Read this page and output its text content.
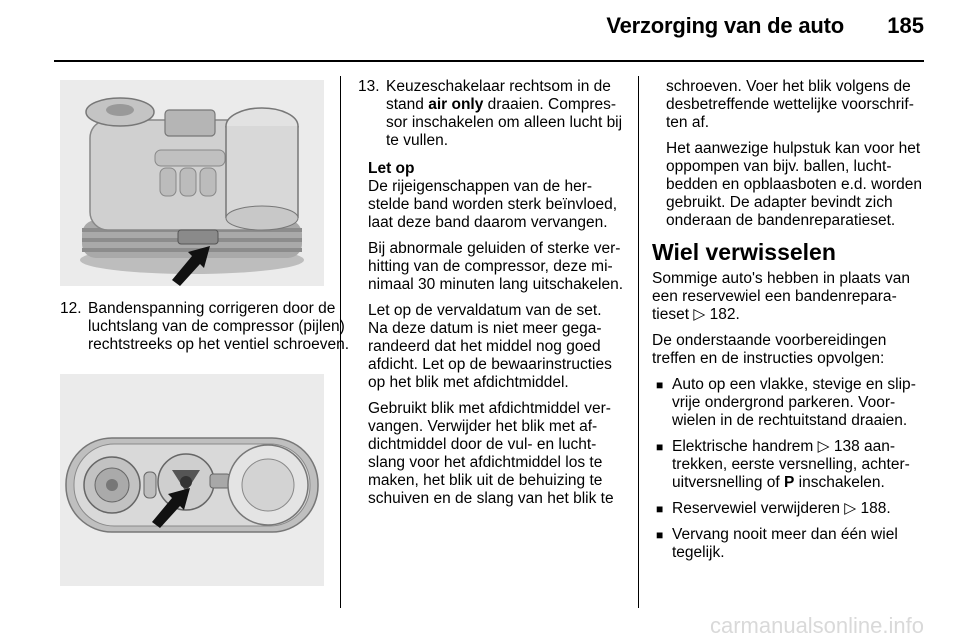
Verzorging van de auto	185
12. Bandenspanning corrigeren door de luchtslang van de compressor (pijlen) rechtstreeks op het ventiel schroeven.
13. Keuzeschakelaar rechtsom in de stand air only draaien. Compressor inschakelen om alleen lucht bij te vullen.
Let op

De rijeigenschappen van de herstelde band worden sterk beïnvloed, laat deze band daarom vervangen.

Bij abnormale geluiden of sterke verhitting van de compressor, deze minimaal 30 minuten lang uitschakelen.

Let op de vervaldatum van de set. Na deze datum is niet meer gegarandeerd dat het middel nog goed afdicht. Let op de bewaarinstructies op het blik met afdichtmiddel.

Gebruikt blik met afdichtmiddel vervangen. Verwijder het blik met afdichtmiddel door de vul- en luchtslang voor het afdichtmiddel los te maken, het blik uit de behuizing te schuiven en de slang van het blik te

schroeven. Voer het blik volgens de desbetreffende wettelijke voorschriften af.

Het aanwezige hulpstuk kan voor het oppompen van bijv. ballen, luchtbedden en opblaasboten e.d. worden gebruikt. De adapter bevindt zich onderaan de bandenreparatieset.

Wiel verwisselen

Sommige auto's hebben in plaats van een reservewiel een bandenreparatieset ▷ 182.

De onderstaande voorbereidingen treffen en de instructies opvolgen:

■ Auto op een vlakke, stevige en slipvrije ondergrond parkeren. Voorwielen in de rechtuitstand draaien.
■ Elektrische handrem ▷ 138 aantrekken, eerste versnelling, achteruitversnelling of P inschakelen.
■ Reservewiel verwijderen ▷ 188.
■ Vervang nooit meer dan één wiel tegelijk.
carmanualsonline.info
